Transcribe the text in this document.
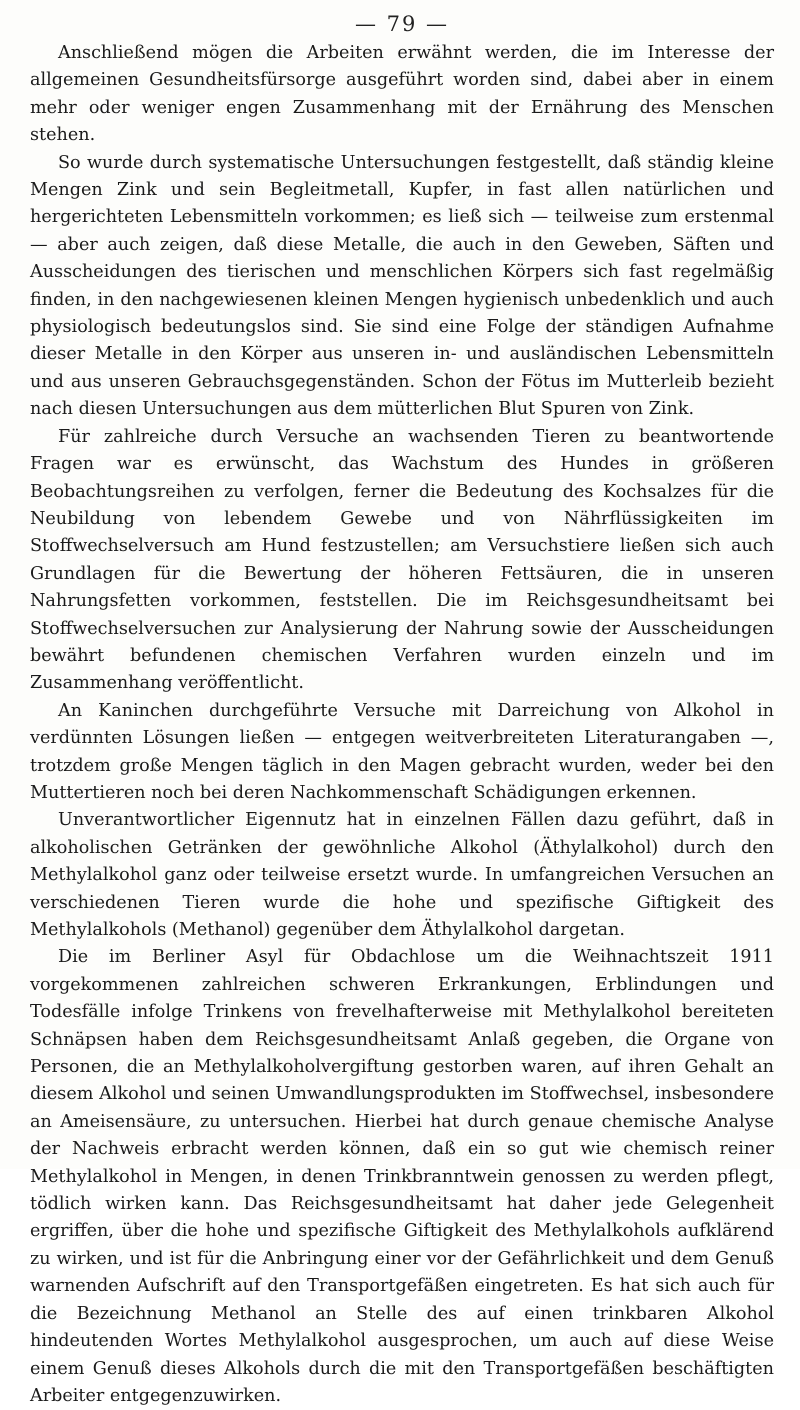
— 79 —

Anschließend mögen die Arbeiten erwähnt werden, die im Interesse der allgemeinen Gesundheitsfürsorge ausgeführt worden sind, dabei aber in einem mehr oder weniger engen Zusammenhang mit der Ernährung des Menschen stehen.

So wurde durch systematische Untersuchungen festgestellt, daß ständig kleine Mengen Zink und sein Begleitmetall, Kupfer, in fast allen natürlichen und hergerichteten Lebensmitteln vorkommen; es ließ sich — teilweise zum erstenmal — aber auch zeigen, daß diese Metalle, die auch in den Geweben, Säften und Ausscheidungen des tierischen und menschlichen Körpers sich fast regelmäßig finden, in den nachgewiesenen kleinen Mengen hygienisch unbedenklich und auch physiologisch bedeutungslos sind. Sie sind eine Folge der ständigen Aufnahme dieser Metalle in den Körper aus unseren in- und ausländischen Lebensmitteln und aus unseren Gebrauchsgegenständen. Schon der Fötus im Mutterleib bezieht nach diesen Untersuchungen aus dem mütterlichen Blut Spuren von Zink.

Für zahlreiche durch Versuche an wachsenden Tieren zu beantwortende Fragen war es erwünscht, das Wachstum des Hundes in größeren Beobachtungsreihen zu verfolgen, ferner die Bedeutung des Kochsalzes für die Neubildung von lebendem Gewebe und von Nährflüssigkeiten im Stoffwechselversuch am Hund festzustellen; am Versuchstiere ließen sich auch Grundlagen für die Bewertung der höheren Fettsäuren, die in unseren Nahrungsfetten vorkommen, feststellen. Die im Reichsgesundheitsamt bei Stoffwechselversuchen zur Analysierung der Nahrung sowie der Ausscheidungen bewährt befundenen chemischen Verfahren wurden einzeln und im Zusammenhang veröffentlicht.

An Kaninchen durchgeführte Versuche mit Darreichung von Alkohol in verdünnten Lösungen ließen — entgegen weitverbreiteten Literaturangaben —, trotzdem große Mengen täglich in den Magen gebracht wurden, weder bei den Muttertieren noch bei deren Nachkommenschaft Schädigungen erkennen.

Unverantwortlicher Eigennutz hat in einzelnen Fällen dazu geführt, daß in alkoholischen Getränken der gewöhnliche Alkohol (Äthylalkohol) durch den Methylalkohol ganz oder teilweise ersetzt wurde. In umfangreichen Versuchen an verschiedenen Tieren wurde die hohe und spezifische Giftigkeit des Methylalkohols (Methanol) gegenüber dem Äthylalkohol dargetan.

Die im Berliner Asyl für Obdachlose um die Weihnachtszeit 1911 vorgekommenen zahlreichen schweren Erkrankungen, Erblindungen und Todesfälle infolge Trinkens von frevelhafterweise mit Methylalkohol bereiteten Schnäpsen haben dem Reichsgesundheitsamt Anlaß gegeben, die Organe von Personen, die an Methylalkoholvergiftung gestorben waren, auf ihren Gehalt an diesem Alkohol und seinen Umwandlungsprodukten im Stoffwechsel, insbesondere an Ameisensäure, zu untersuchen. Hierbei hat durch genaue chemische Analyse der Nachweis erbracht werden können, daß ein so gut wie chemisch reiner Methylalkohol in Mengen, in denen Trinkbranntwein genossen zu werden pflegt, tödlich wirken kann. Das Reichsgesundheitsamt hat daher jede Gelegenheit ergriffen, über die hohe und spezifische Giftigkeit des Methylalkohols aufklärend zu wirken, und ist für die Anbringung einer vor der Gefährlichkeit und dem Genuß warnenden Aufschrift auf den Transportgefäßen eingetreten. Es hat sich auch für die Bezeichnung Methanol an Stelle des auf einen trinkbaren Alkohol hindeutenden Wortes Methylalkohol ausgesprochen, um auch auf diese Weise einem Genuß dieses Alkohols durch die mit den Transportgefäßen beschäftigten Arbeiter entgegenzuwirken.
